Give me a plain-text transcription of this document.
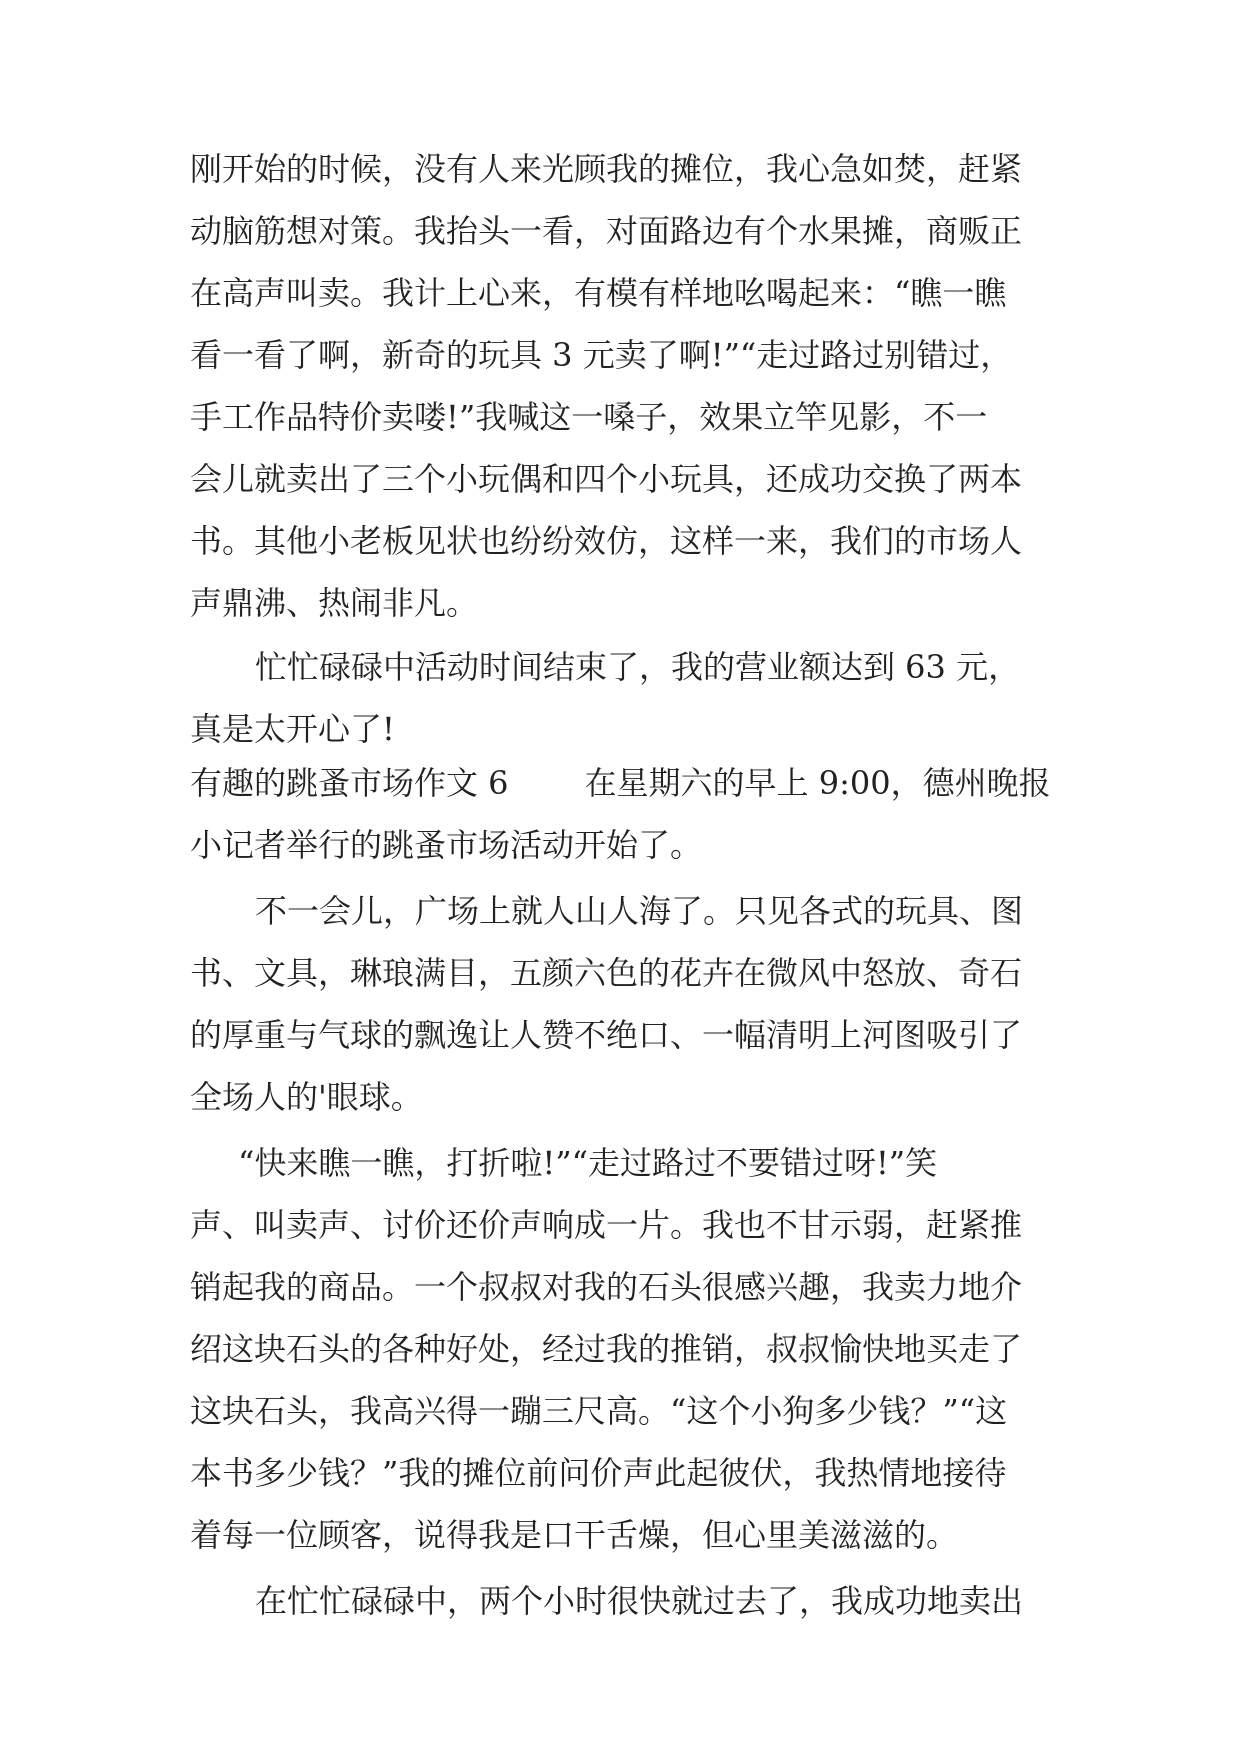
刚开始的时候，没有人来光顾我的摊位，我心急如焚，赶紧
动脑筋想对策。我抬头一看，对面路边有个水果摊，商贩正
在高声叫卖。我计上心来，有模有样地吆喝起来：“瞧一瞧
看一看了啊，新奇的玩具 3 元卖了啊!”“走过路过别错过，
手工作品特价卖喽!”我喊这一嗓子，效果立竿见影，不一
会儿就卖出了三个小玩偶和四个小玩具，还成功交换了两本
书。其他小老板见状也纷纷效仿，这样一来，我们的市场人
声鼎沸、热闹非凡。
忙忙碌碌中活动时间结束了，我的营业额达到 63 元，
真是太开心了!
有趣的跳蚤市场作文 6 在星期六的早上 9:00，德州晚报
小记者举行的跳蚤市场活动开始了。
不一会儿，广场上就人山人海了。只见各式的玩具、图
书、文具，琳琅满目，五颜六色的花卉在微风中怒放、奇石
的厚重与气球的飘逸让人赞不绝口、一幅清明上河图吸引了
全场人的'眼球。
“快来瞧一瞧，打折啦!”“走过路过不要错过呀!”笑
声、叫卖声、讨价还价声响成一片。我也不甘示弱，赶紧推
销起我的商品。一个叔叔对我的石头很感兴趣，我卖力地介
绍这块石头的各种好处，经过我的推销，叔叔愉快地买走了
这块石头，我高兴得一蹦三尺高。“这个小狗多少钱？”“这
本书多少钱？”我的摊位前问价声此起彼伏，我热情地接待
着每一位顾客，说得我是口干舌燥，但心里美滋滋的。
在忙忙碌碌中，两个小时很快就过去了，我成功地卖出
